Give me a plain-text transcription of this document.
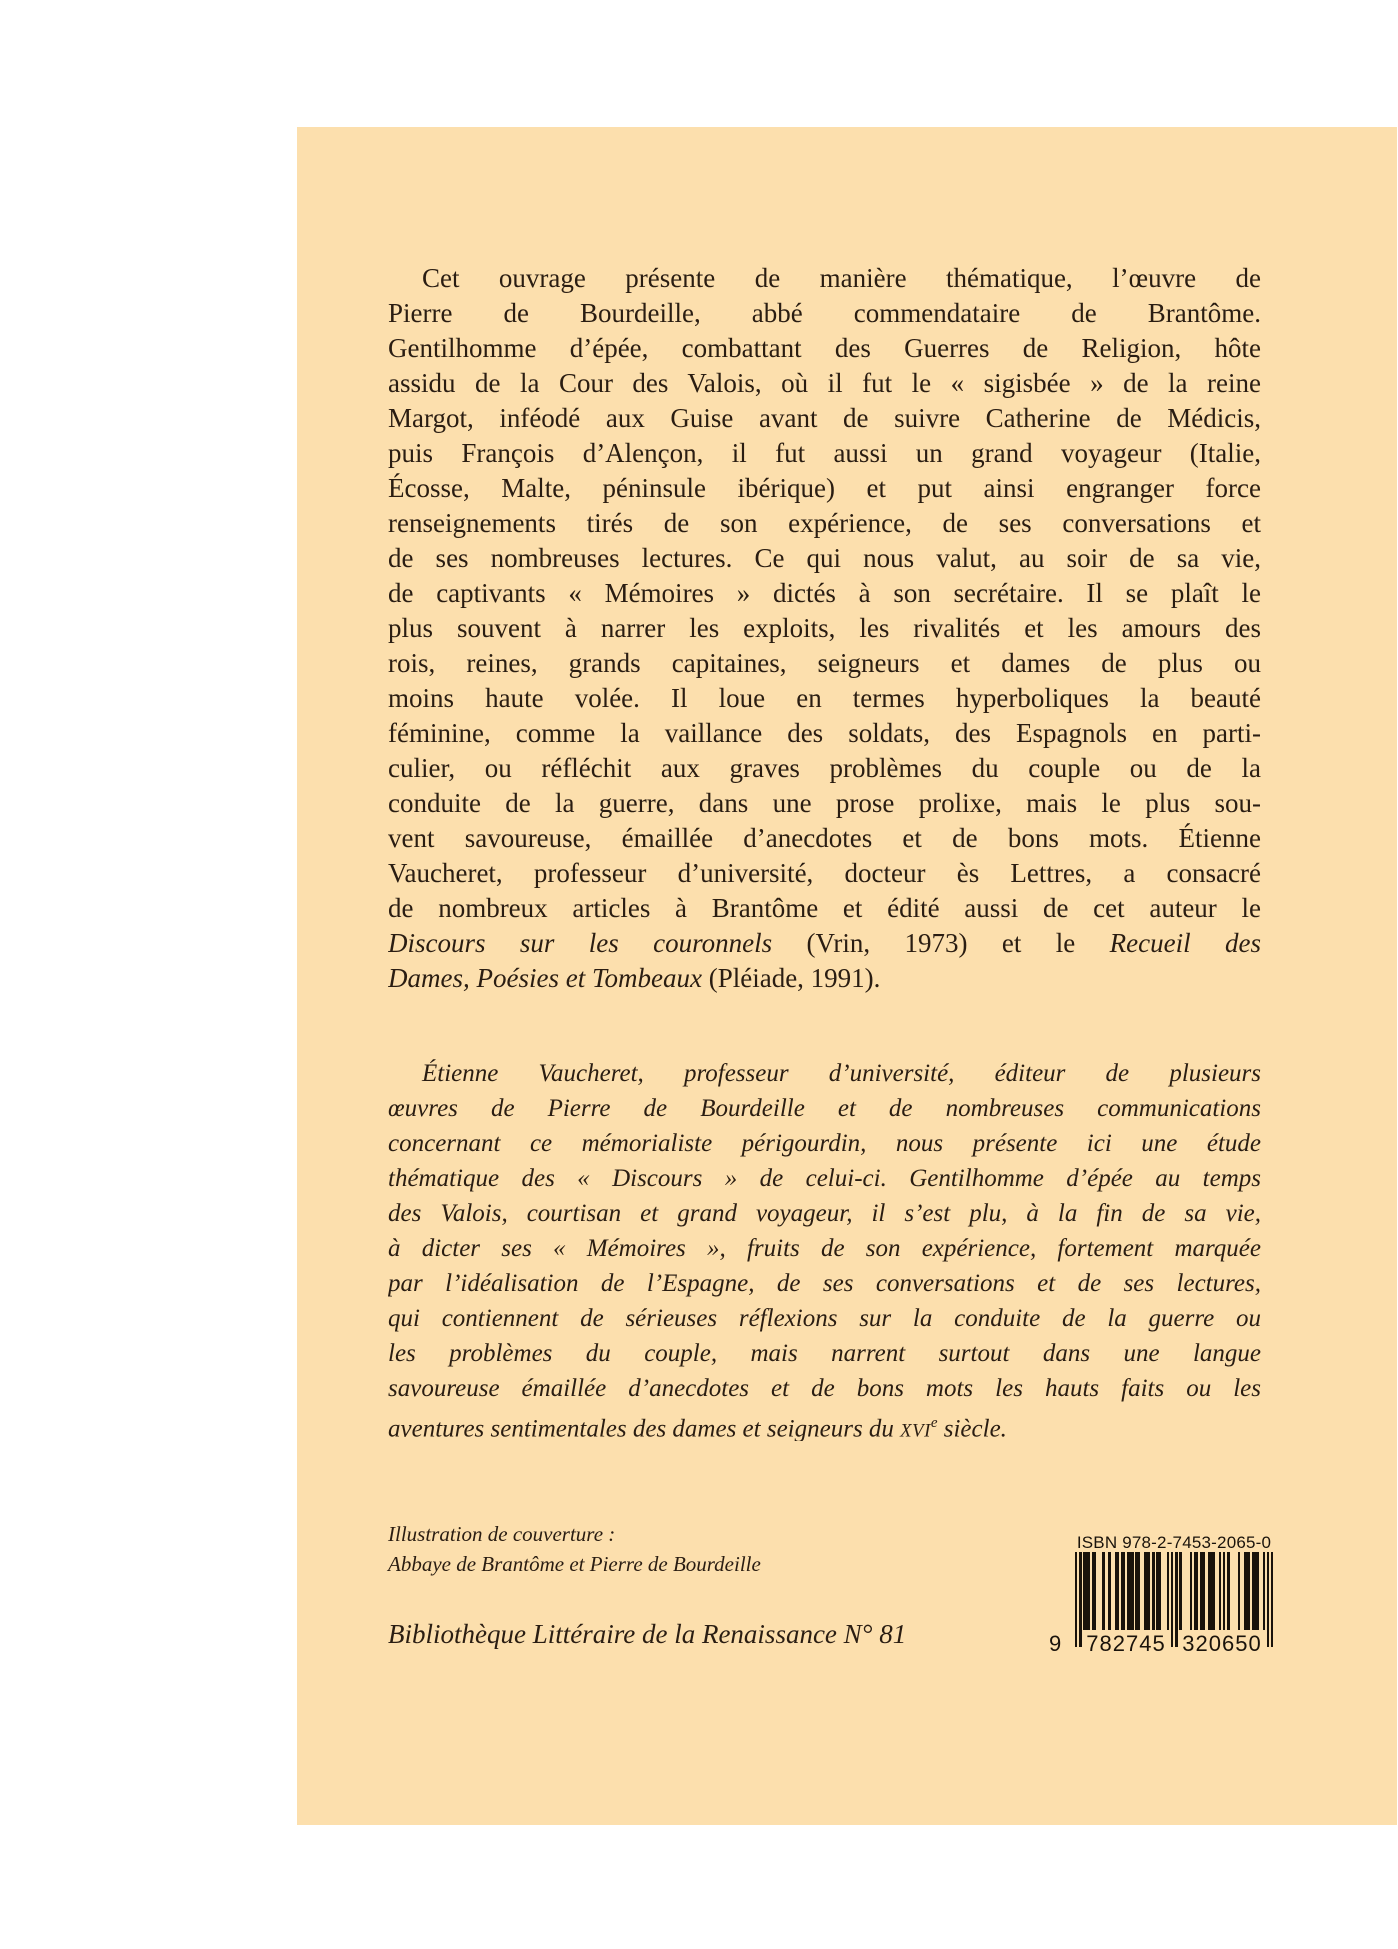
Cet ouvrage présente de manière thématique, l’œuvre de
Pierre de Bourdeille, abbé commendataire de Brantôme.
Gentilhomme d’épée, combattant des Guerres de Religion, hôte
assidu de la Cour des Valois, où il fut le « sigisbée » de la reine
Margot, inféodé aux Guise avant de suivre Catherine de Médicis,
puis François d’Alençon, il fut aussi un grand voyageur (Italie,
Écosse, Malte, péninsule ibérique) et put ainsi engranger force
renseignements tirés de son expérience, de ses conversations et
de ses nombreuses lectures. Ce qui nous valut, au soir de sa vie,
de captivants « Mémoires » dictés à son secrétaire. Il se plaît le
plus souvent à narrer les exploits, les rivalités et les amours des
rois, reines, grands capitaines, seigneurs et dames de plus ou
moins haute volée. Il loue en termes hyperboliques la beauté
féminine, comme la vaillance des soldats, des Espagnols en parti-
culier, ou réfléchit aux graves problèmes du couple ou de la
conduite de la guerre, dans une prose prolixe, mais le plus sou-
vent savoureuse, émaillée d’anecdotes et de bons mots. Étienne
Vaucheret, professeur d’université, docteur ès Lettres, a consacré
de nombreux articles à Brantôme et édité aussi de cet auteur le
Discours sur les couronnels (Vrin, 1973) et le Recueil des
Dames, Poésies et Tombeaux (Pléiade, 1991).
Étienne Vaucheret, professeur d’université, éditeur de plusieurs
œuvres de Pierre de Bourdeille et de nombreuses communications
concernant ce mémorialiste périgourdin, nous présente ici une étude
thématique des « Discours » de celui-ci. Gentilhomme d’épée au temps
des Valois, courtisan et grand voyageur, il s’est plu, à la fin de sa vie,
à dicter ses « Mémoires », fruits de son expérience, fortement marquée
par l’idéalisation de l’Espagne, de ses conversations et de ses lectures,
qui contiennent de sérieuses réflexions sur la conduite de la guerre ou
les problèmes du couple, mais narrent surtout dans une langue
savoureuse émaillée d’anecdotes et de bons mots les hauts faits ou les
aventures sentimentales des dames et seigneurs du XVIe siècle.
Illustration de couverture :
Abbaye de Brantôme et Pierre de Bourdeille
Bibliothèque Littéraire de la Renaissance N° 81
ISBN 978-2-7453-2065-0
9 782745 320650
